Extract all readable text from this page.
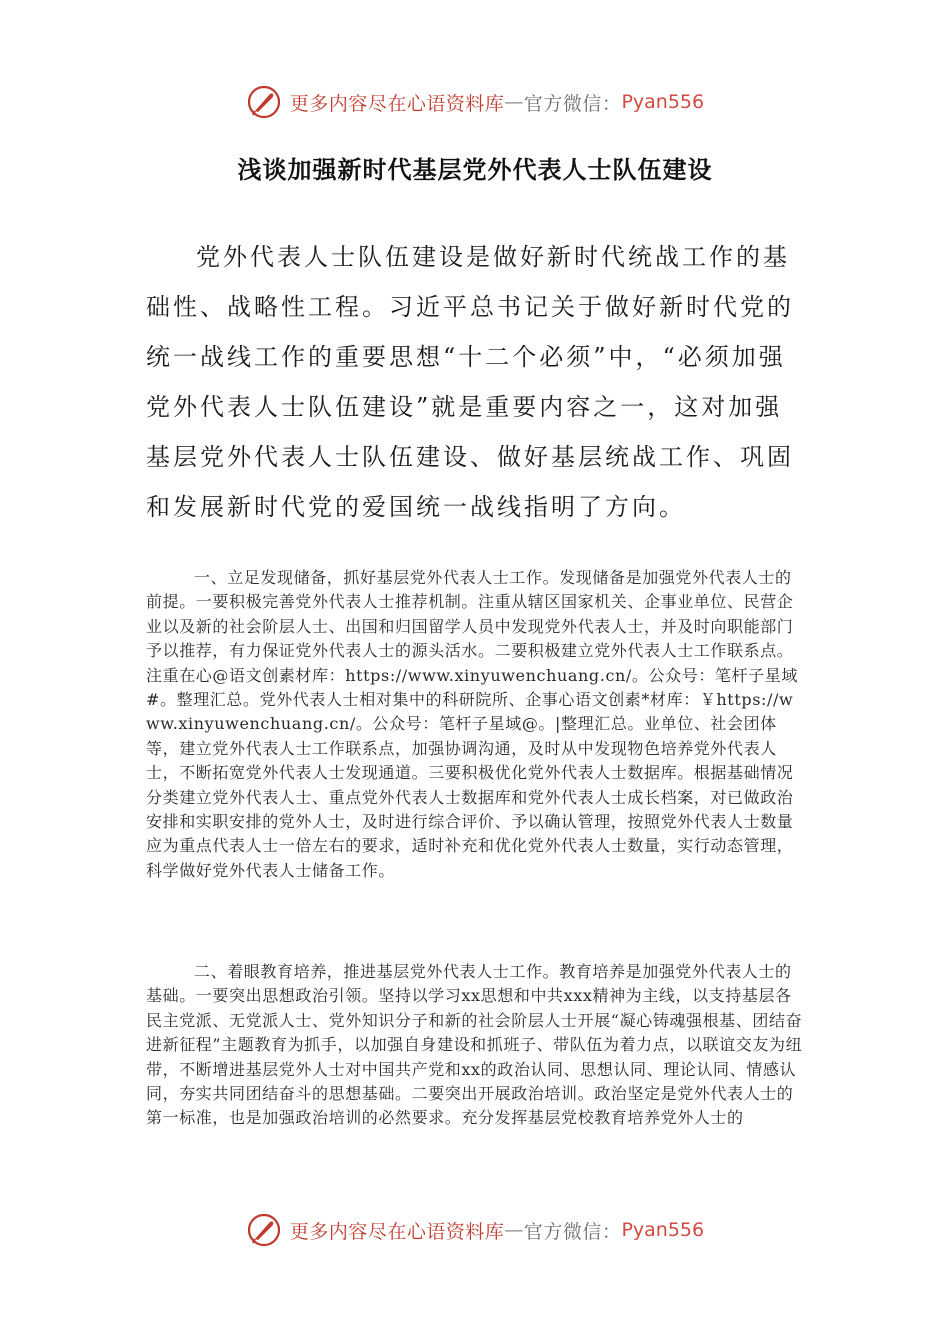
更多内容尽在心语资料库 — 官方微信： Pyan556
浅谈加强新时代基层党外代表人士队伍建设

党外代表人士队伍建设是做好新时代统战工作的基础性、战略性工程。习近平总书记关于做好新时代党的统一战线工作的重要思想“十二个必须”中，“必须加强党外代表人士队伍建设”就是重要内容之一，这对加强基层党外代表人士队伍建设、做好基层统战工作、巩固和发展新时代党的爱国统一战线指明了方向。

一、立足发现储备，抓好基层党外代表人士工作。发现储备是加强党外代表人士的前提。一要积极完善党外代表人士推荐机制。注重从辖区国家机关、企事业单位、民营企业以及新的社会阶层人士、出国和归国留学人员中发现党外代表人士，并及时向职能部门予以推荐，有力保证党外代表人士的源头活水。二要积极建立党外代表人士工作联系点。注重在心@语文创素材库：https://www.xinyuwenchuang.cn/。公众号：笔杆子星域#。整理汇总。党外代表人士相对集中的科研院所、企事心语文创素*材库：￥https://www.xinyuwenchuang.cn/。公众号：笔杆子星域@。|整理汇总。业单位、社会团体等，建立党外代表人士工作联系点，加强协调沟通，及时从中发现物色培养党外代表人士，不断拓宽党外代表人士发现通道。三要积极优化党外代表人士数据库。根据基础情况分类建立党外代表人士、重点党外代表人士数据库和党外代表人士成长档案，对已做政治安排和实职安排的党外人士，及时进行综合评价、予以确认管理，按照党外代表人士数量应为重点代表人士一倍左右的要求，适时补充和优化党外代表人士数量，实行动态管理，科学做好党外代表人士储备工作。

二、着眼教育培养，推进基层党外代表人士工作。教育培养是加强党外代表人士的基础。一要突出思想政治引领。坚持以学习xx思想和中共xxx精神为主线，以支持基层各民主党派、无党派人士、党外知识分子和新的社会阶层人士开展“凝心铸魂强根基、团结奋进新征程”主题教育为抓手，以加强自身建设和抓班子、带队伍为着力点，以联谊交友为纽带，不断增进基层党外人士对中国共产党和xx的政治认同、思想认同、理论认同、情感认同，夯实共同团结奋斗的思想基础。二要突出开展政治培训。政治坚定是党外代表人士的第一标准，也是加强政治培训的必然要求。充分发挥基层党校教育培养党外人士的

更多内容尽在心语资料库 — 官方微信： Pyan556
